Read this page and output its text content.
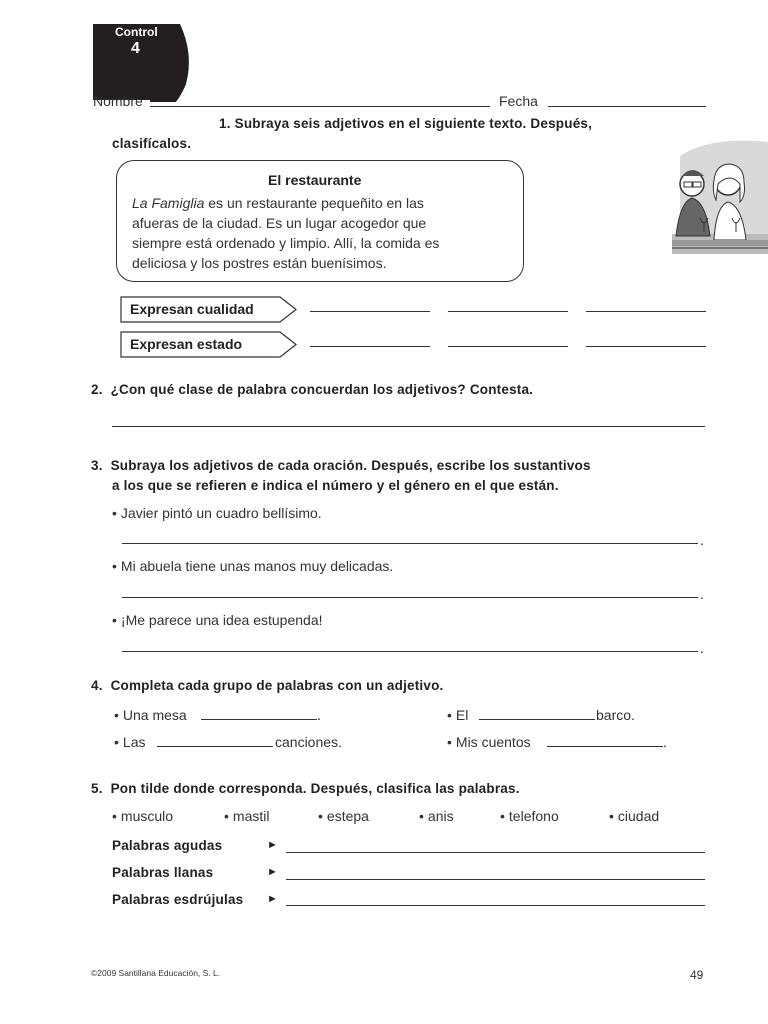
Control
4
Nombre	Fecha
1. Subraya seis adjetivos en el siguiente texto. Después,
clasifícalos.
El restaurante
La Famiglia es un restaurante pequeñito en las
afueras de la ciudad. Es un lugar acogedor que
siempre está ordenado y limpio. Allí, la comida es
deliciosa y los postres están buenísimos.
Expresan cualidad
Expresan estado
2. ¿Con qué clase de palabra concuerdan los adjetivos? Contesta.
3. Subraya los adjetivos de cada oración. Después, escribe los sustantivos
a los que se refieren e indica el número y el género en el que están.
• Javier pintó un cuadro bellísimo.
.
• Mi abuela tiene unas manos muy delicadas.
.
• ¡Me parece una idea estupenda!
.
4. Completa cada grupo de palabras con un adjetivo.
• Una mesa	.	• El	barco.
• Las	canciones.	• Mis cuentos	.
5. Pon tilde donde corresponda. Después, clasifica las palabras.
• musculo	• mastil	• estepa	• anis	• telefono	• ciudad
Palabras agudas	►
Palabras llanas	►
Palabras esdrújulas ►
©2009 Santillana Educación, S. L.	49
